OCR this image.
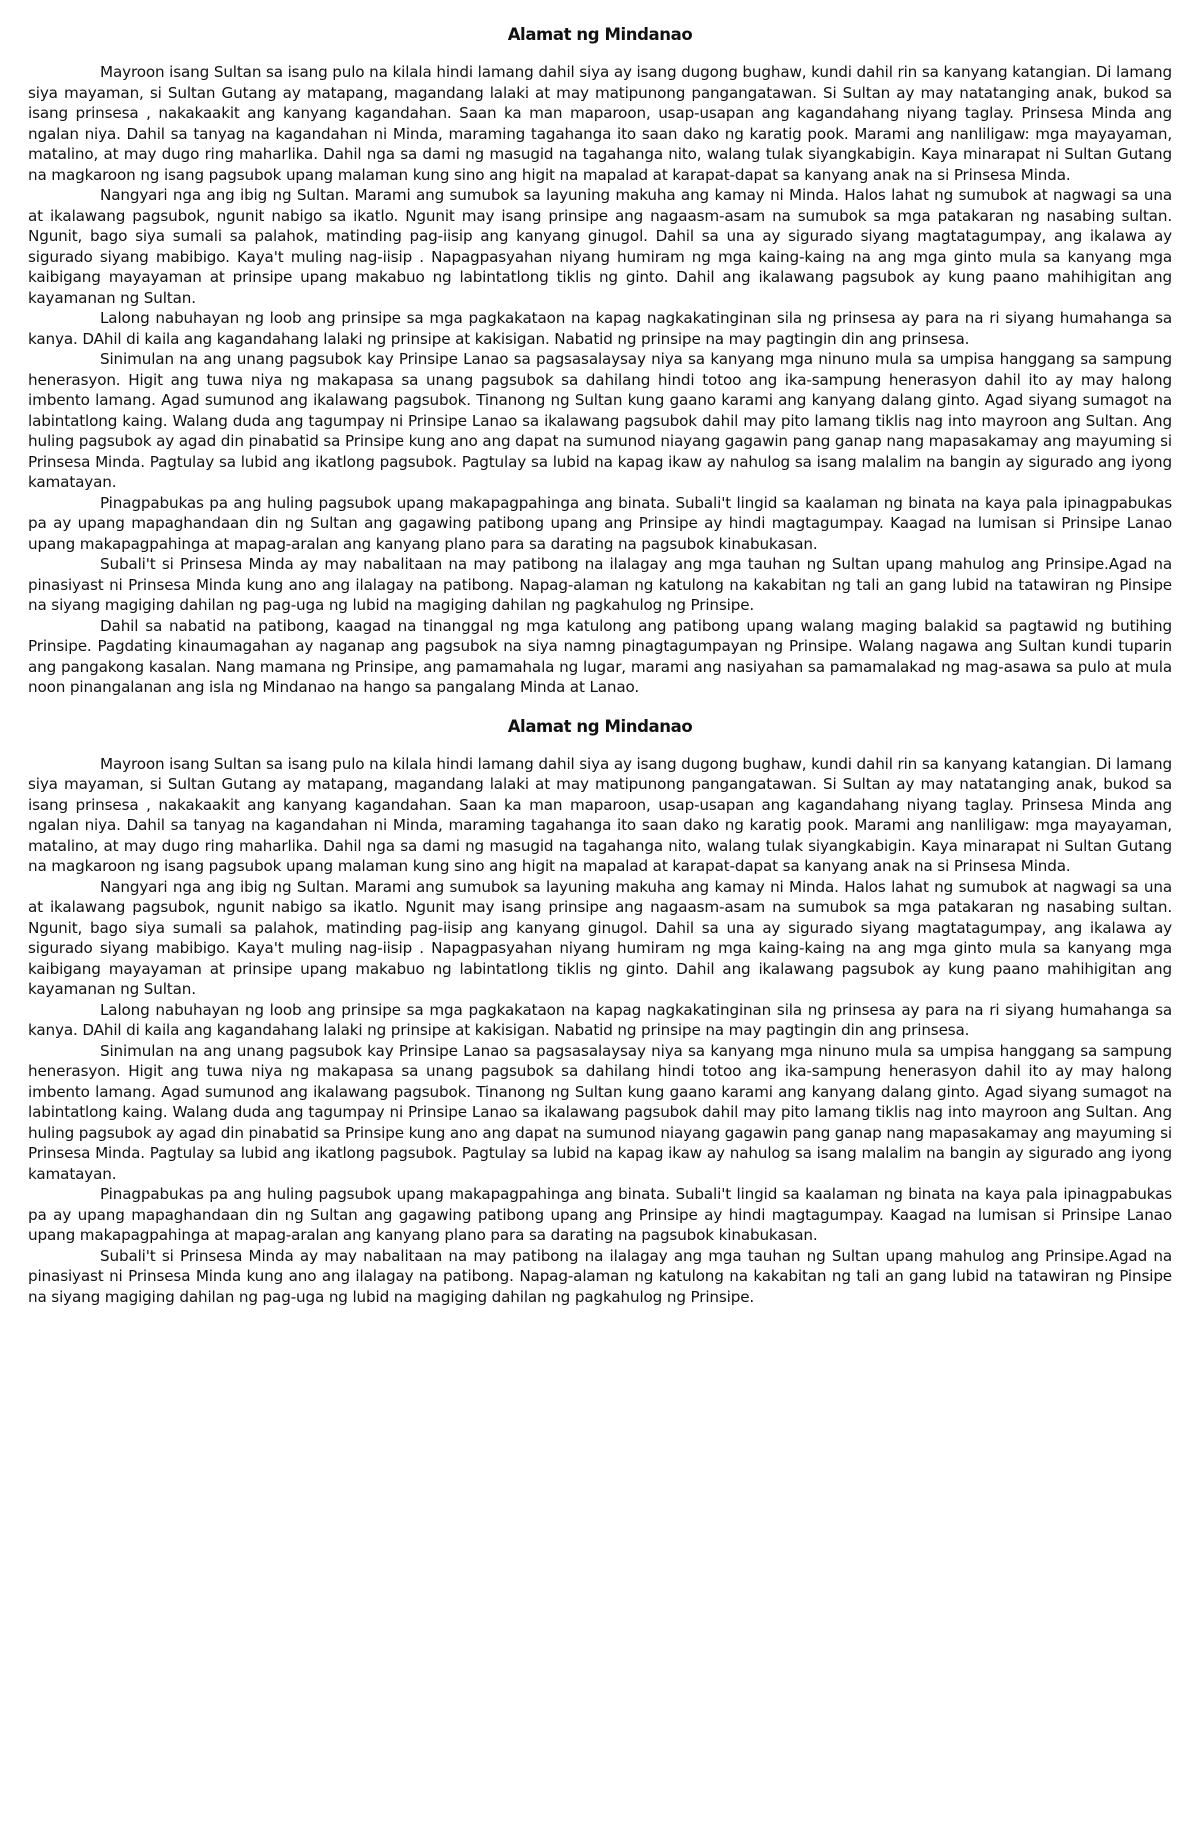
Alamat ng Mindanao

Mayroon isang Sultan sa isang pulo na kilala hindi lamang dahil siya ay isang dugong bughaw, kundi dahil rin sa kanyang katangian. Di lamang siya mayaman, si Sultan Gutang ay matapang, magandang lalaki at may matipunong pangangatawan. Si Sultan ay may natatanging anak, bukod sa isang prinsesa , nakakaakit ang kanyang kagandahan. Saan ka man maparoon, usap-usapan ang kagandahang niyang taglay. Prinsesa Minda ang ngalan niya. Dahil sa tanyag na kagandahan ni Minda, maraming tagahanga ito saan dako ng karatig pook. Marami ang nanliligaw: mga mayayaman, matalino, at may dugo ring maharlika. Dahil nga sa dami ng masugid na tagahanga nito, walang tulak siyangkabigin. Kaya minarapat ni Sultan Gutang na magkaroon ng isang pagsubok upang malaman kung sino ang higit na mapalad at karapat-dapat sa kanyang anak na si Prinsesa Minda.

Nangyari nga ang ibig ng Sultan. Marami ang sumubok sa layuning makuha ang kamay ni Minda. Halos lahat ng sumubok at nagwagi sa una at ikalawang pagsubok, ngunit nabigo sa ikatlo. Ngunit may isang prinsipe ang nagaasm-asam na sumubok sa mga patakaran ng nasabing sultan. Ngunit, bago siya sumali sa palahok, matinding pag-iisip ang kanyang ginugol. Dahil sa una ay sigurado siyang magtatagumpay, ang ikalawa ay sigurado siyang mabibigo. Kaya't muling nag-iisip . Napagpasyahan niyang humiram ng mga kaing-kaing na ang mga ginto mula sa kanyang mga kaibigang mayayaman at prinsipe upang makabuo ng labintatlong tiklis ng ginto. Dahil ang ikalawang pagsubok ay kung paano mahihigitan ang kayamanan ng Sultan.

Lalong nabuhayan ng loob ang prinsipe sa mga pagkakataon na kapag nagkakatinginan sila ng prinsesa ay para na ri siyang humahanga sa kanya. DAhil di kaila ang kagandahang lalaki ng prinsipe at kakisigan. Nabatid ng prinsipe na may pagtingin din ang prinsesa.

Sinimulan na ang unang pagsubok kay Prinsipe Lanao sa pagsasalaysay niya sa kanyang mga ninuno mula sa umpisa hanggang sa sampung henerasyon. Higit ang tuwa niya ng makapasa sa unang pagsubok sa dahilang hindi totoo ang ika-sampung henerasyon dahil ito ay may halong imbento lamang. Agad sumunod ang ikalawang pagsubok. Tinanong ng Sultan kung gaano karami ang kanyang dalang ginto. Agad siyang sumagot na labintatlong kaing. Walang duda ang tagumpay ni Prinsipe Lanao sa ikalawang pagsubok dahil may pito lamang tiklis nag into mayroon ang Sultan. Ang huling pagsubok ay agad din pinabatid sa Prinsipe kung ano ang dapat na sumunod niayang gagawin pang ganap nang mapasakamay ang mayuming si Prinsesa Minda. Pagtulay sa lubid ang ikatlong pagsubok. Pagtulay sa lubid na kapag ikaw ay nahulog sa isang malalim na bangin ay sigurado ang iyong kamatayan.

Pinagpabukas pa ang huling pagsubok upang makapagpahinga ang binata. Subali't lingid sa kaalaman ng binata na kaya pala ipinagpabukas pa ay upang mapaghandaan din ng Sultan ang gagawing patibong upang ang Prinsipe ay hindi magtagumpay. Kaagad na lumisan si Prinsipe Lanao upang makapagpahinga at mapag-aralan ang kanyang plano para sa darating na pagsubok kinabukasan.

Subali't si Prinsesa Minda ay may nabalitaan na may patibong na ilalagay ang mga tauhan ng Sultan upang mahulog ang Prinsipe.Agad na pinasiyast ni Prinsesa Minda kung ano ang ilalagay na patibong. Napag-alaman ng katulong na kakabitan ng tali an gang lubid na tatawiran ng Pinsipe na siyang magiging dahilan ng pag-uga ng lubid na magiging dahilan ng pagkahulog ng Prinsipe.

Dahil sa nabatid na patibong, kaagad na tinanggal ng mga katulong ang patibong upang walang maging balakid sa pagtawid ng butihing Prinsipe. Pagdating kinaumagahan ay naganap ang pagsubok na siya namng pinagtagumpayan ng Prinsipe. Walang nagawa ang Sultan kundi tuparin ang pangakong kasalan. Nang mamana ng Prinsipe, ang pamamahala ng lugar, marami ang nasiyahan sa pamamalakad ng mag-asawa sa pulo at mula noon pinangalanan ang isla ng Mindanao na hango sa pangalang Minda at Lanao.

Alamat ng Mindanao

Mayroon isang Sultan sa isang pulo na kilala hindi lamang dahil siya ay isang dugong bughaw, kundi dahil rin sa kanyang katangian. Di lamang siya mayaman, si Sultan Gutang ay matapang, magandang lalaki at may matipunong pangangatawan. Si Sultan ay may natatanging anak, bukod sa isang prinsesa , nakakaakit ang kanyang kagandahan. Saan ka man maparoon, usap-usapan ang kagandahang niyang taglay. Prinsesa Minda ang ngalan niya. Dahil sa tanyag na kagandahan ni Minda, maraming tagahanga ito saan dako ng karatig pook. Marami ang nanliligaw: mga mayayaman, matalino, at may dugo ring maharlika. Dahil nga sa dami ng masugid na tagahanga nito, walang tulak siyangkabigin. Kaya minarapat ni Sultan Gutang na magkaroon ng isang pagsubok upang malaman kung sino ang higit na mapalad at karapat-dapat sa kanyang anak na si Prinsesa Minda.

Nangyari nga ang ibig ng Sultan. Marami ang sumubok sa layuning makuha ang kamay ni Minda. Halos lahat ng sumubok at nagwagi sa una at ikalawang pagsubok, ngunit nabigo sa ikatlo. Ngunit may isang prinsipe ang nagaasm-asam na sumubok sa mga patakaran ng nasabing sultan. Ngunit, bago siya sumali sa palahok, matinding pag-iisip ang kanyang ginugol. Dahil sa una ay sigurado siyang magtatagumpay, ang ikalawa ay sigurado siyang mabibigo. Kaya't muling nag-iisip . Napagpasyahan niyang humiram ng mga kaing-kaing na ang mga ginto mula sa kanyang mga kaibigang mayayaman at prinsipe upang makabuo ng labintatlong tiklis ng ginto. Dahil ang ikalawang pagsubok ay kung paano mahihigitan ang kayamanan ng Sultan.

Lalong nabuhayan ng loob ang prinsipe sa mga pagkakataon na kapag nagkakatinginan sila ng prinsesa ay para na ri siyang humahanga sa kanya. DAhil di kaila ang kagandahang lalaki ng prinsipe at kakisigan. Nabatid ng prinsipe na may pagtingin din ang prinsesa.

Sinimulan na ang unang pagsubok kay Prinsipe Lanao sa pagsasalaysay niya sa kanyang mga ninuno mula sa umpisa hanggang sa sampung henerasyon. Higit ang tuwa niya ng makapasa sa unang pagsubok sa dahilang hindi totoo ang ika-sampung henerasyon dahil ito ay may halong imbento lamang. Agad sumunod ang ikalawang pagsubok. Tinanong ng Sultan kung gaano karami ang kanyang dalang ginto. Agad siyang sumagot na labintatlong kaing. Walang duda ang tagumpay ni Prinsipe Lanao sa ikalawang pagsubok dahil may pito lamang tiklis nag into mayroon ang Sultan. Ang huling pagsubok ay agad din pinabatid sa Prinsipe kung ano ang dapat na sumunod niayang gagawin pang ganap nang mapasakamay ang mayuming si Prinsesa Minda. Pagtulay sa lubid ang ikatlong pagsubok. Pagtulay sa lubid na kapag ikaw ay nahulog sa isang malalim na bangin ay sigurado ang iyong kamatayan.

Pinagpabukas pa ang huling pagsubok upang makapagpahinga ang binata. Subali't lingid sa kaalaman ng binata na kaya pala ipinagpabukas pa ay upang mapaghandaan din ng Sultan ang gagawing patibong upang ang Prinsipe ay hindi magtagumpay. Kaagad na lumisan si Prinsipe Lanao upang makapagpahinga at mapag-aralan ang kanyang plano para sa darating na pagsubok kinabukasan.

Subali't si Prinsesa Minda ay may nabalitaan na may patibong na ilalagay ang mga tauhan ng Sultan upang mahulog ang Prinsipe.Agad na pinasiyast ni Prinsesa Minda kung ano ang ilalagay na patibong. Napag-alaman ng katulong na kakabitan ng tali an gang lubid na tatawiran ng Pinsipe na siyang magiging dahilan ng pag-uga ng lubid na magiging dahilan ng pagkahulog ng Prinsipe.
